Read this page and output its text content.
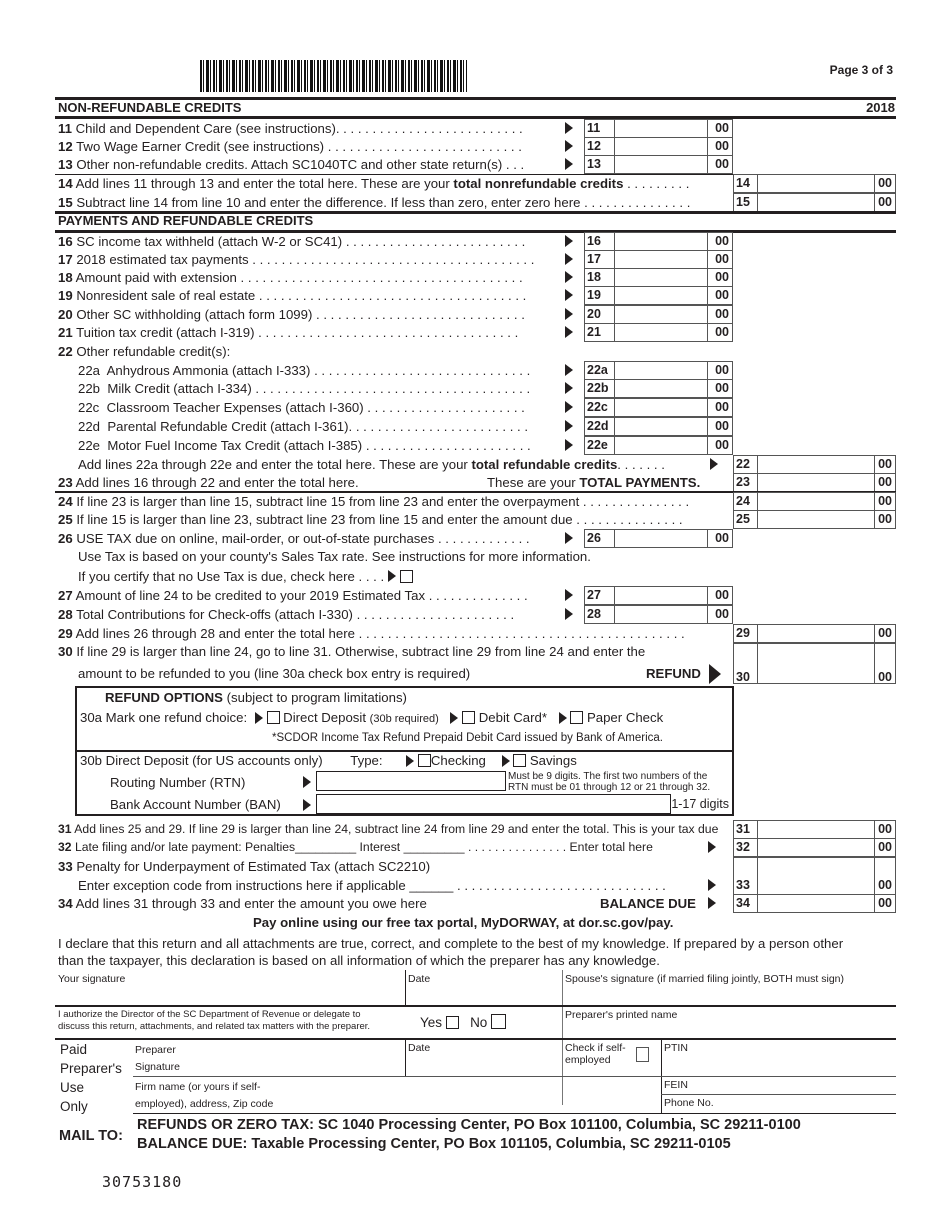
Page 3 of 3
NON-REFUNDABLE CREDITS	2018
11 Child and Dependent Care (see instructions). . . . . . . . . . . . . . . . . . . . . . . . . .	11	00
12 Two Wage Earner Credit (see instructions) . . . . . . . . . . . . . . . . . . . . . . . . . . .	12	00
13 Other non-refundable credits. Attach SC1040TC and other state return(s) . . .	13	00
14 Add lines 11 through 13 and enter the total here. These are your total nonrefundable credits . . . . . . . . .	14	00
15 Subtract line 14 from line 10 and enter the difference. If less than zero, enter zero here . . . . . . . . . . . . . . .	15	00
PAYMENTS AND REFUNDABLE CREDITS
16 SC income tax withheld (attach W-2 or SC41) . . . . . . . . . . . . . . . . . . . . . . . . .	16	00
17 2018 estimated tax payments . . . . . . . . . . . . . . . . . . . . . . . . . . . . . . . . . . . . . . .	17	00
18 Amount paid with extension . . . . . . . . . . . . . . . . . . . . . . . . . . . . . . . . . . . . . . .	18	00
19 Nonresident sale of real estate . . . . . . . . . . . . . . . . . . . . . . . . . . . . . . . . . . . . .	19	00
20 Other SC withholding (attach form 1099) . . . . . . . . . . . . . . . . . . . . . . . . . . . . .	20	00
21 Tuition tax credit (attach I-319) . . . . . . . . . . . . . . . . . . . . . . . . . . . . . . . . . . . .	21	00
22 Other refundable credit(s):
22a Anhydrous Ammonia (attach I-333) . . . . . . . . . . . . . . . . . . . . . . . . . . . . . .	22a	00
22b Milk Credit (attach I-334) . . . . . . . . . . . . . . . . . . . . . . . . . . . . . . . . . . . . . .	22b	00
22c Classroom Teacher Expenses (attach I-360) . . . . . . . . . . . . . . . . . . . . . .	22c	00
22d Parental Refundable Credit (attach I-361). . . . . . . . . . . . . . . . . . . . . . . . .	22d	00
22e Motor Fuel Income Tax Credit (attach I-385) . . . . . . . . . . . . . . . . . . . . . . .	22e	00
Add lines 22a through 22e and enter the total here. These are your total refundable credits. . . . . . .	22	00
23 Add lines 16 through 22 and enter the total here.	These are your TOTAL PAYMENTS.	23	00
24 If line 23 is larger than line 15, subtract line 15 from line 23 and enter the overpayment . . . . . . . . . . . . . . .	24	00
25 If line 15 is larger than line 23, subtract line 23 from line 15 and enter the amount due . . . . . . . . . . . . . . .	25	00
26 USE TAX due on online, mail-order, or out-of-state purchases . . . . . . . . . . . . .	26	00
Use Tax is based on your county's Sales Tax rate. See instructions for more information.
If you certify that no Use Tax is due, check here . . . .
27 Amount of line 24 to be credited to your 2019 Estimated Tax . . . . . . . . . . . . . .	27	00
28 Total Contributions for Check-offs (attach I-330) . . . . . . . . . . . . . . . . . . . . . .	28	00
29 Add lines 26 through 28 and enter the total here . . . . . . . . . . . . . . . . . . . . . . . . . . . . . . . . . . . . . . . . . . . . .	29	00
30 If line 29 is larger than line 24, go to line 31. Otherwise, subtract line 29 from line 24 and enter the
amount to be refunded to you (line 30a check box entry is required)	REFUND	30	00
REFUND OPTIONS (subject to program limitations)
30a Mark one refund choice:	Direct Deposit (30b required)	Debit Card*	Paper Check
*SCDOR Income Tax Refund Prepaid Debit Card issued by Bank of America.
30b Direct Deposit (for US accounts only) Type:	Checking	Savings
Routing Number (RTN)	Must be 9 digits. The first two numbers of the
RTN must be 01 through 12 or 21 through 32.
Bank Account Number (BAN)	1-17 digits
31 Add lines 25 and 29. If line 29 is larger than line 24, subtract line 24 from line 29 and enter the total. This is your tax due 31	00
32 Late filing and/or late payment: Penalties_________ Interest _________ . . . . . . . . . . . . . . . Enter total here	32	00
33 Penalty for Underpayment of Estimated Tax (attach SC2210)
Enter exception code from instructions here if applicable ______ . . . . . . . . . . . . . . . . . . . . . . . . . . . . .	33	00
34 Add lines 31 through 33 and enter the amount you owe here	BALANCE DUE	34	00
Pay online using our free tax portal, MyDORWAY, at dor.sc.gov/pay.
I declare that this return and all attachments are true, correct, and complete to the best of my knowledge. If prepared by a person other
than the taxpayer, this declaration is based on all information of which the preparer has any knowledge.
Your signature	Date	Spouse's signature (if married filing jointly, BOTH must sign)
I authorize the Director of the SC Department of Revenue or delegate to
discuss this return, attachments, and related tax matters with the preparer.	Yes No	Preparer's printed name
Paid
Preparer's
Use
Only
Preparer
Signature
Date	Check if self-
employed
PTIN
Firm name (or yours if self-
employed), address, Zip code
FEIN
Phone No.
MAIL TO:
REFUNDS OR ZERO TAX: SC 1040 Processing Center, PO Box 101100, Columbia, SC 29211-0100
BALANCE DUE: Taxable Processing Center, PO Box 101105, Columbia, SC 29211-0105
30753180
